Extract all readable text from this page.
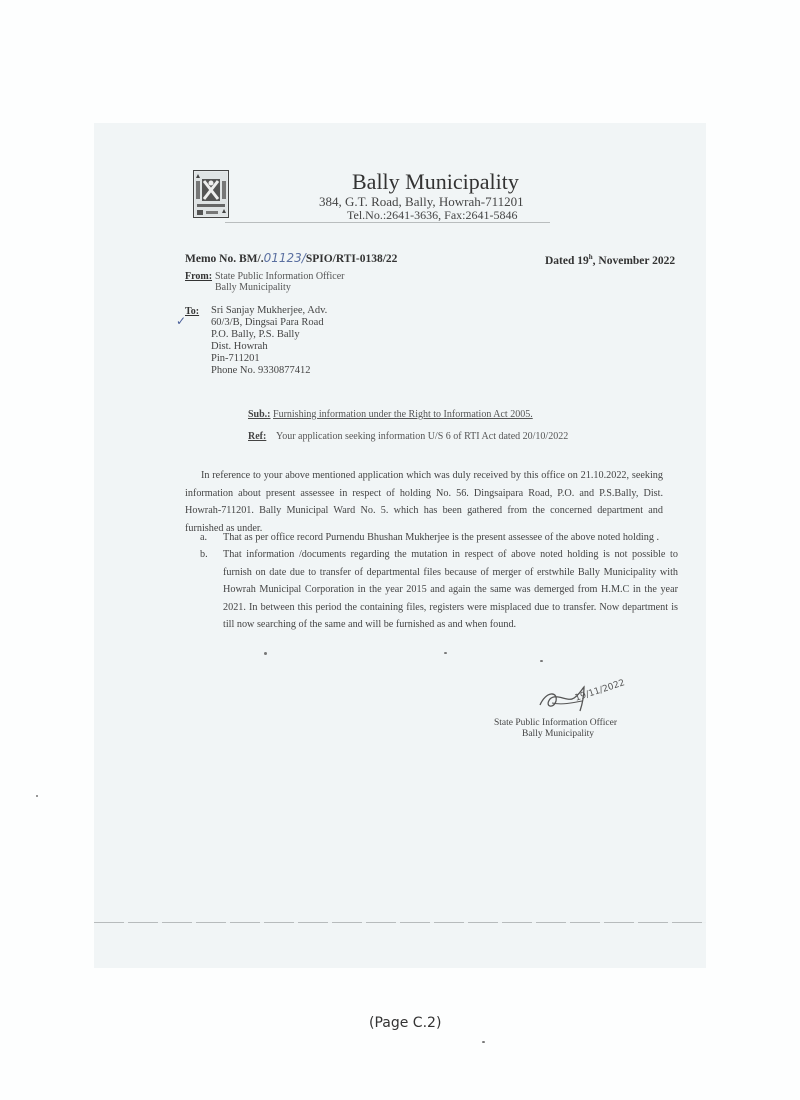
Bally Municipality
384, G.T. Road, Bally, Howrah-711201
Tel.No.:2641-3636, Fax:2641-5846
Memo No. BM/.01123/SPIO/RTI-0138/22	Dated 19$^h$, November 2022
From: State Public Information Officer
Bally Municipality
To:
✓
Sri Sanjay Mukherjee, Adv.
60/3/B, Dingsai Para Road
P.O. Bally, P.S. Bally
Dist. Howrah
Pin-711201
Phone No. 9330877412
Sub.: Furnishing information under the Right to Information Act 2005.
Ref: Your application seeking information U/S 6 of RTI Act dated 20/10/2022
In reference to your above mentioned application which was duly received by this office on 21.10.2022, seeking information about present assessee in respect of holding No. 56. Dingsaipara Road, P.O. and P.S.Bally, Dist. Howrah-711201. Bally Municipal Ward No. 5. which has been gathered from the concerned department and furnished as under.
a. That as per office record Purnendu Bhushan Mukherjee is the present assessee of the above noted holding .
b. That information /documents regarding the mutation in respect of above noted holding is not possible to furnish on date due to transfer of departmental files because of merger of erstwhile Bally Municipality with Howrah Municipal Corporation in the year 2015 and again the same was demerged from H.M.C in the year 2021. In between this period the containing files, registers were misplaced due to transfer. Now department is till now searching of the same and will be furnished as and when found.
19/11/2022
State Public Information Officer
Bally Municipality
(Page C.2)
